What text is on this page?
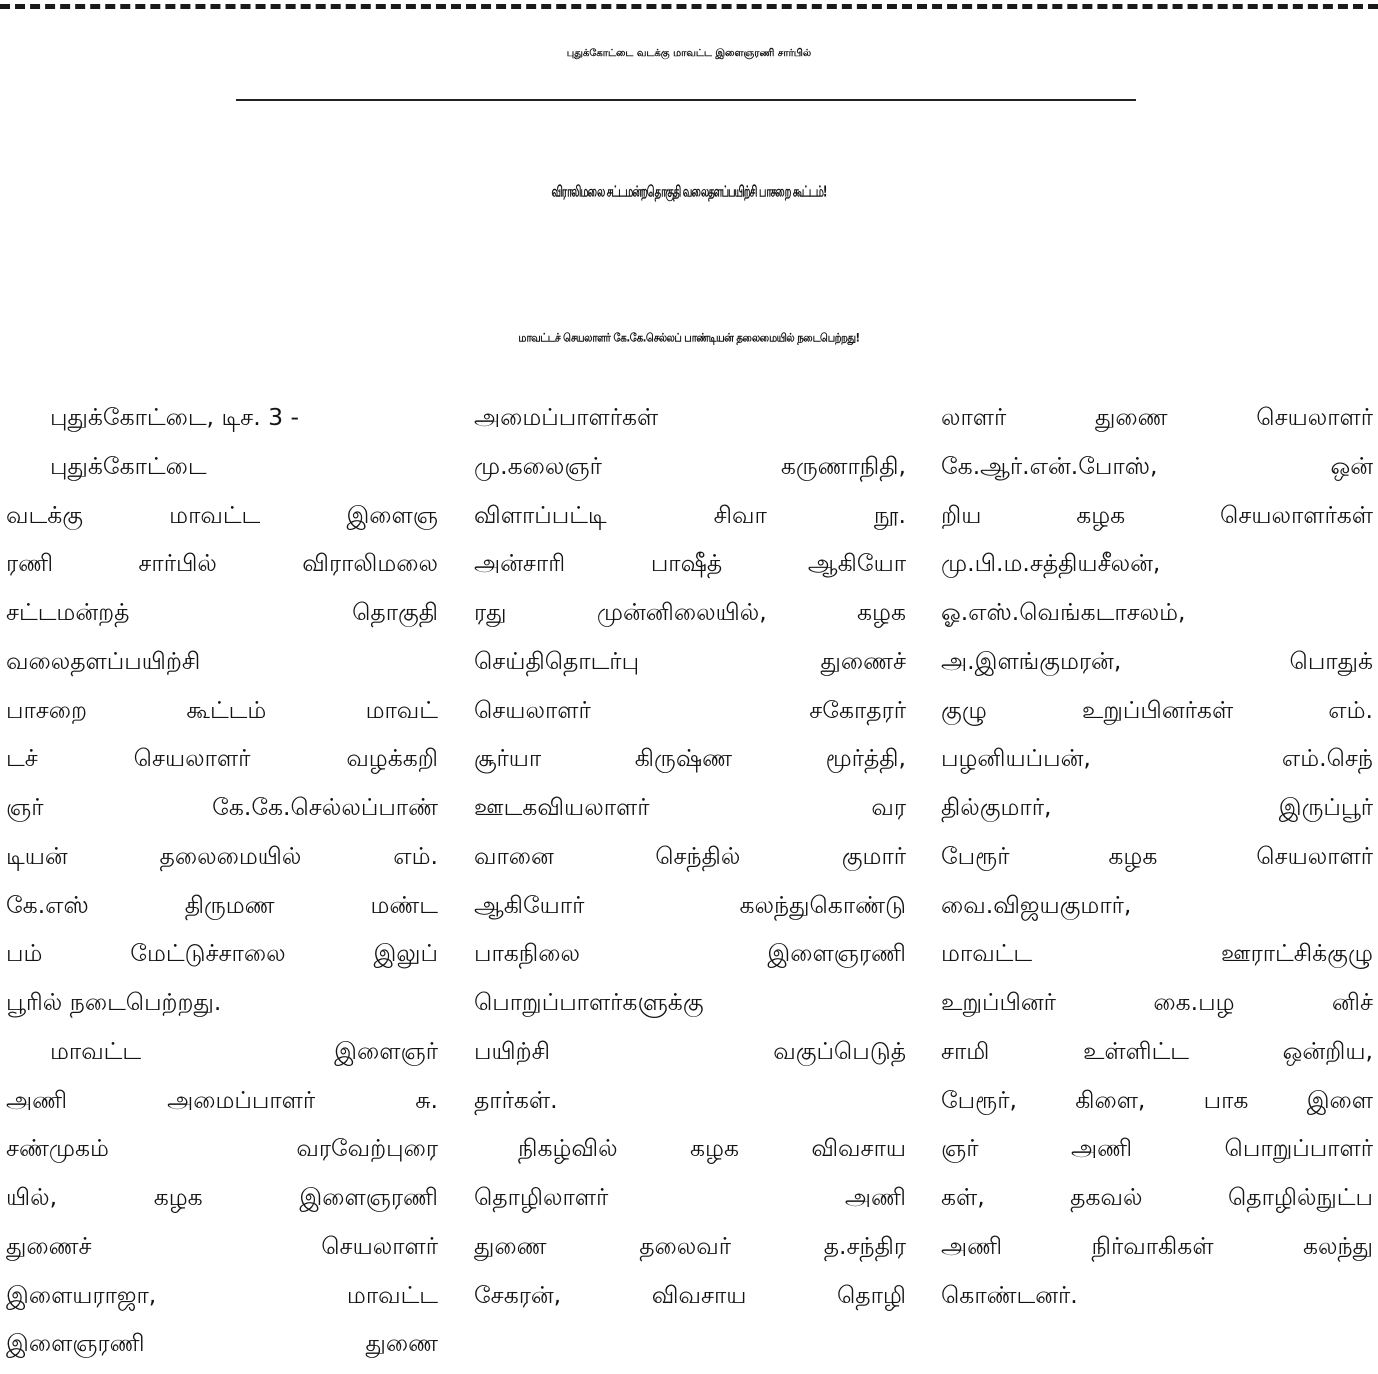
புதுக்கோட்டை வடக்கு மாவட்ட இளைஞரணி சார்பில்
விராலிமலை சட்டமன்றதொகுதி வலைதளப்பயிற்சி பாசறை கூட்டம்!
மாவட்டச் செயலாளர் கே.கே.செல்லப் பாண்டியன் தலைமையில் நடைபெற்றது!
புதுக்கோட்டை, டிச. 3 -
புதுக்கோட்டை
வடக்கு மாவட்ட இளைஞ
ரணி சார்பில் விராலிமலை
சட்டமன்றத் தொகுதி
வலைதளப்பயிற்சி
பாசறை கூட்டம் மாவட்
டச் செயலாளர் வழக்கறி
ஞர் கே.கே.செல்லப்பாண்
டியன் தலைமையில் எம்.
கே.எஸ் திருமண மண்ட
பம் மேட்டுச்சாலை இலுப்
பூரில் நடைபெற்றது.
மாவட்ட இளைஞர்
அணி அமைப்பாளர் சு.
சண்முகம் வரவேற்புரை
யில், கழக இளைஞரணி
துணைச் செயலாளர்
இளையராஜா, மாவட்ட
இளைஞரணி துணை
அமைப்பாளர்கள்
மு.கலைஞர் கருணாநிதி,
விளாப்பட்டி சிவா நூ.
அன்சாரி பாஷீத் ஆகியோ
ரது முன்னிலையில், கழக
செய்திதொடர்பு துணைச்
செயலாளர் சகோதரர்
சூர்யா கிருஷ்ண மூர்த்தி,
ஊடகவியலாளர் வர
வானை செந்தில் குமார்
ஆகியோர் கலந்துகொண்டு
பாகநிலை இளைஞரணி
பொறுப்பாளர்களுக்கு
பயிற்சி வகுப்பெடுத்
தார்கள்.
நிகழ்வில் கழக விவசாய
தொழிலாளர் அணி
துணை தலைவர் த.சந்திர
சேகரன், விவசாய தொழி
லாளர் துணை செயலாளர்
கே.ஆர்.என்.போஸ், ஒன்
றிய கழக செயலாளர்கள்
மு.பி.ம.சத்தியசீலன்,
ஓ.எஸ்.வெங்கடாசலம்,
அ.இளங்குமரன், பொதுக்
குழு உறுப்பினர்கள் எம்.
பழனியப்பன், எம்.செந்
தில்குமார், இருப்பூர்
பேரூர் கழக செயலாளர்
வை.விஜயகுமார்,
மாவட்ட ஊராட்சிக்குழு
உறுப்பினர் கை.பழ னிச்
சாமி உள்ளிட்ட ஒன்றிய,
பேரூர், கிளை, பாக இளை
ஞர் அணி பொறுப்பாளர்
கள், தகவல் தொழில்நுட்ப
அணி நிர்வாகிகள் கலந்து
கொண்டனர்.
